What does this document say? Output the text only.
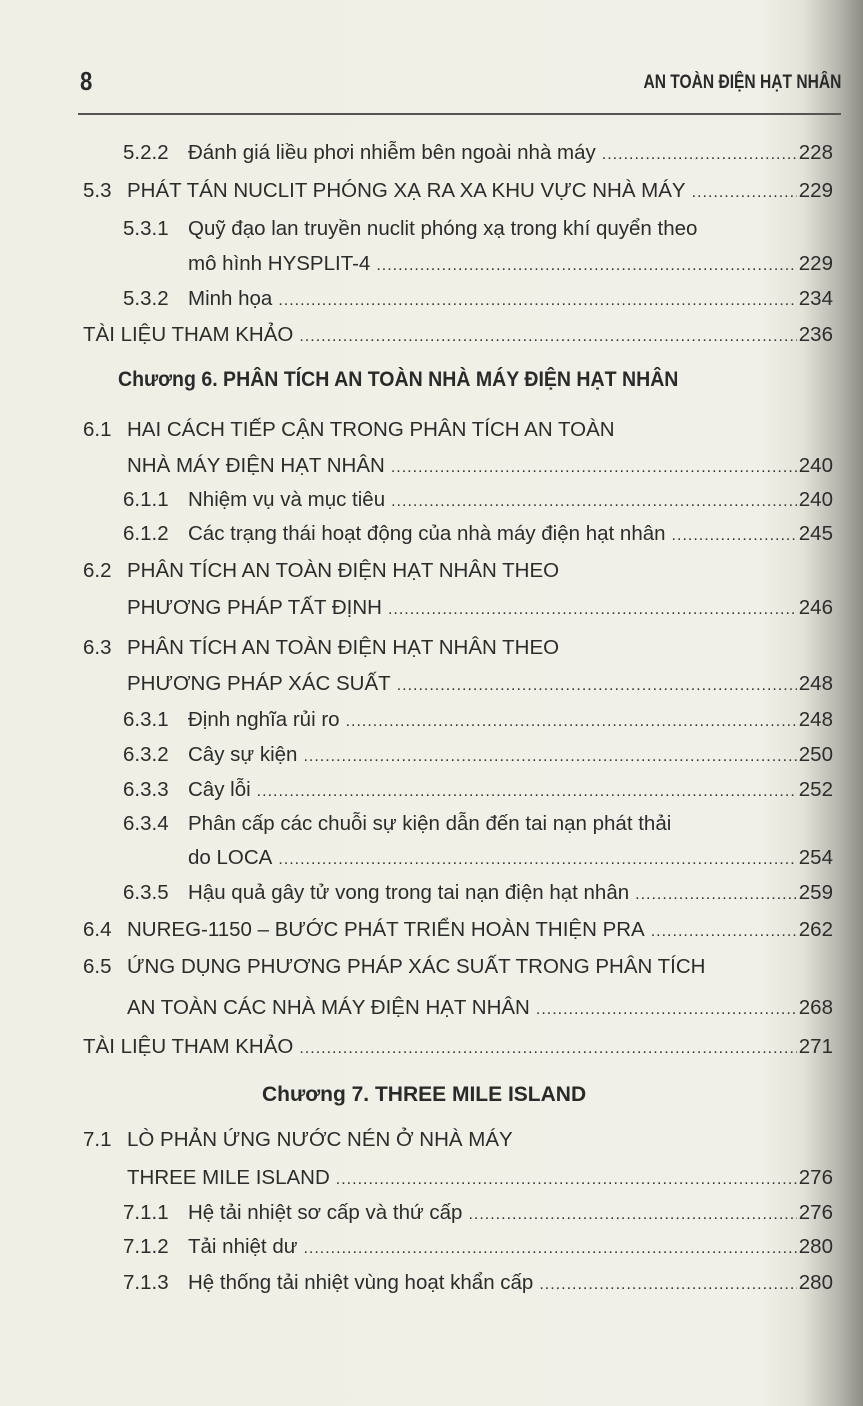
8	AN TOÀN ĐIỆN HẠT NHÂN
5.2.2 Đánh giá liều phơi nhiễm bên ngoài nhà máy .....	228
5.3 PHÁT TÁN NUCLIT PHÓNG XẠ RA XA KHU VỰC NHÀ MÁY .....	229
5.3.1 Quỹ đạo lan truyền nuclit phóng xạ trong khí quyển theo
mô hình HYSPLIT-4 .....	229
5.3.2 Minh họa .....	234
TÀI LIỆU THAM KHẢO .....	236
Chương 6. PHÂN TÍCH AN TOÀN NHÀ MÁY ĐIỆN HẠT NHÂN
6.1 HAI CÁCH TIẾP CẬN TRONG PHÂN TÍCH AN TOÀN
NHÀ MÁY ĐIỆN HẠT NHÂN .....	240
6.1.1 Nhiệm vụ và mục tiêu .....	240
6.1.2 Các trạng thái hoạt động của nhà máy điện hạt nhân .....	245
6.2 PHÂN TÍCH AN TOÀN ĐIỆN HẠT NHÂN THEO
PHƯƠNG PHÁP TẤT ĐỊNH .....	246
6.3 PHÂN TÍCH AN TOÀN ĐIỆN HẠT NHÂN THEO
PHƯƠNG PHÁP XÁC SUẤT .....	248
6.3.1 Định nghĩa rủi ro .....	248
6.3.2 Cây sự kiện .....	250
6.3.3 Cây lỗi .....	252
6.3.4 Phân cấp các chuỗi sự kiện dẫn đến tai nạn phát thải
do LOCA .....	254
6.3.5 Hậu quả gây tử vong trong tai nạn điện hạt nhân .....	259
6.4 NUREG-1150 – BƯỚC PHÁT TRIỂN HOÀN THIỆN PRA .....	262
6.5 ỨNG DỤNG PHƯƠNG PHÁP XÁC SUẤT TRONG PHÂN TÍCH
AN TOÀN CÁC NHÀ MÁY ĐIỆN HẠT NHÂN .....	268
TÀI LIỆU THAM KHẢO .....	271
Chương 7. THREE MILE ISLAND
7.1 LÒ PHẢN ỨNG NƯỚC NÉN Ở NHÀ MÁY
THREE MILE ISLAND .....	276
7.1.1 Hệ tải nhiệt sơ cấp và thứ cấp .....	276
7.1.2 Tải nhiệt dư .....	280
7.1.3 Hệ thống tải nhiệt vùng hoạt khẩn cấp .....	280
